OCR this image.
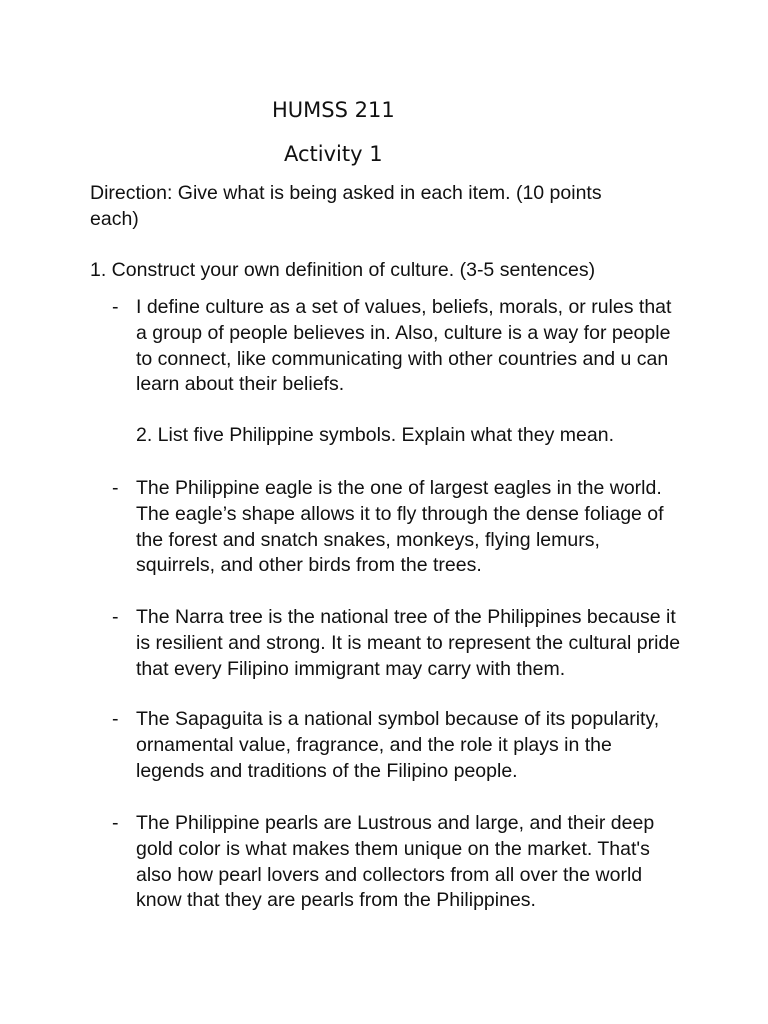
HUMSS 211
Activity 1
Direction: Give what is being asked in each item. (10 points each)
1. Construct your own definition of culture. (3-5 sentences)
- I define culture as a set of values, beliefs, morals, or rules that a group of people believes in. Also, culture is a way for people to connect, like communicating with other countries and u can learn about their beliefs.
2. List five Philippine symbols. Explain what they mean.
- The Philippine eagle is the one of largest eagles in the world. The eagle’s shape allows it to fly through the dense foliage of the forest and snatch snakes, monkeys, flying lemurs, squirrels, and other birds from the trees.
- The Narra tree is the national tree of the Philippines because it is resilient and strong. It is meant to represent the cultural pride that every Filipino immigrant may carry with them.
- The Sapaguita is a national symbol because of its popularity, ornamental value, fragrance, and the role it plays in the legends and traditions of the Filipino people.
- The Philippine pearls are Lustrous and large, and their deep gold color is what makes them unique on the market. That's also how pearl lovers and collectors from all over the world know that they are pearls from the Philippines.
